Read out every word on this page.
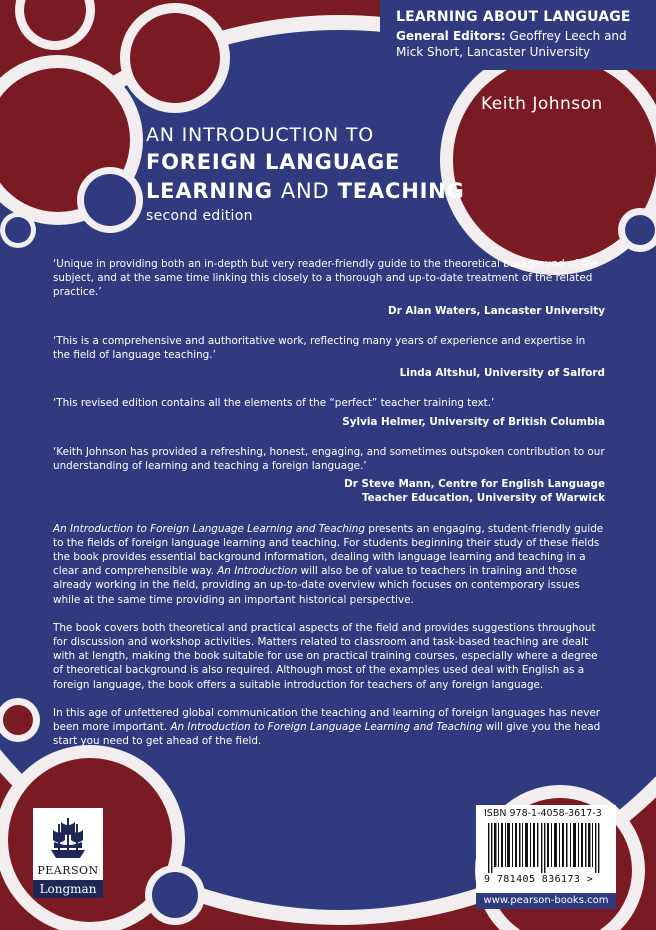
LEARNING ABOUT LANGUAGE
General Editors: Geoffrey Leech and
Mick Short, Lancaster University
Keith Johnson
AN INTRODUCTION TO
FOREIGN LANGUAGE
LEARNING AND TEACHING
second edition

‘Unique in providing both an in-depth but very reader-friendly guide to the theoretical background of the subject, and at the same time linking this closely to a thorough and up-to-date treatment of the related practice.’

Dr Alan Waters, Lancaster University

‘This is a comprehensive and authoritative work, reflecting many years of experience and expertise in the field of language teaching.’

Linda Altshul, University of Salford

‘This revised edition contains all the elements of the “perfect” teacher training text.’

Sylvia Helmer, University of British Columbia

‘Keith Johnson has provided a refreshing, honest, engaging, and sometimes outspoken contribution to our understanding of learning and teaching a foreign language.’

Dr Steve Mann, Centre for English Language
Teacher Education, University of Warwick

An Introduction to Foreign Language Learning and Teaching presents an engaging, student-friendly guide to the fields of foreign language learning and teaching. For students beginning their study of these fields the book provides essential background information, dealing with language learning and teaching in a clear and comprehensible way. An Introduction will also be of value to teachers in training and those already working in the field, providing an up-to-date overview which focuses on contemporary issues while at the same time providing an important historical perspective.

The book covers both theoretical and practical aspects of the field and provides suggestions throughout for discussion and workshop activities. Matters related to classroom and task-based teaching are dealt with at length, making the book suitable for use on practical training courses, especially where a degree of theoretical background is also required. Although most of the examples used deal with English as a foreign language, the book offers a suitable introduction for teachers of any foreign language.

In this age of unfettered global communication the teaching and learning of foreign languages has never been more important. An Introduction to Foreign Language Learning and Teaching will give you the head start you need to get ahead of the field.

PEARSON
Longman
ISBN 978-1-4058-3617-3
9 781405 836173 >
www.pearson-books.com
